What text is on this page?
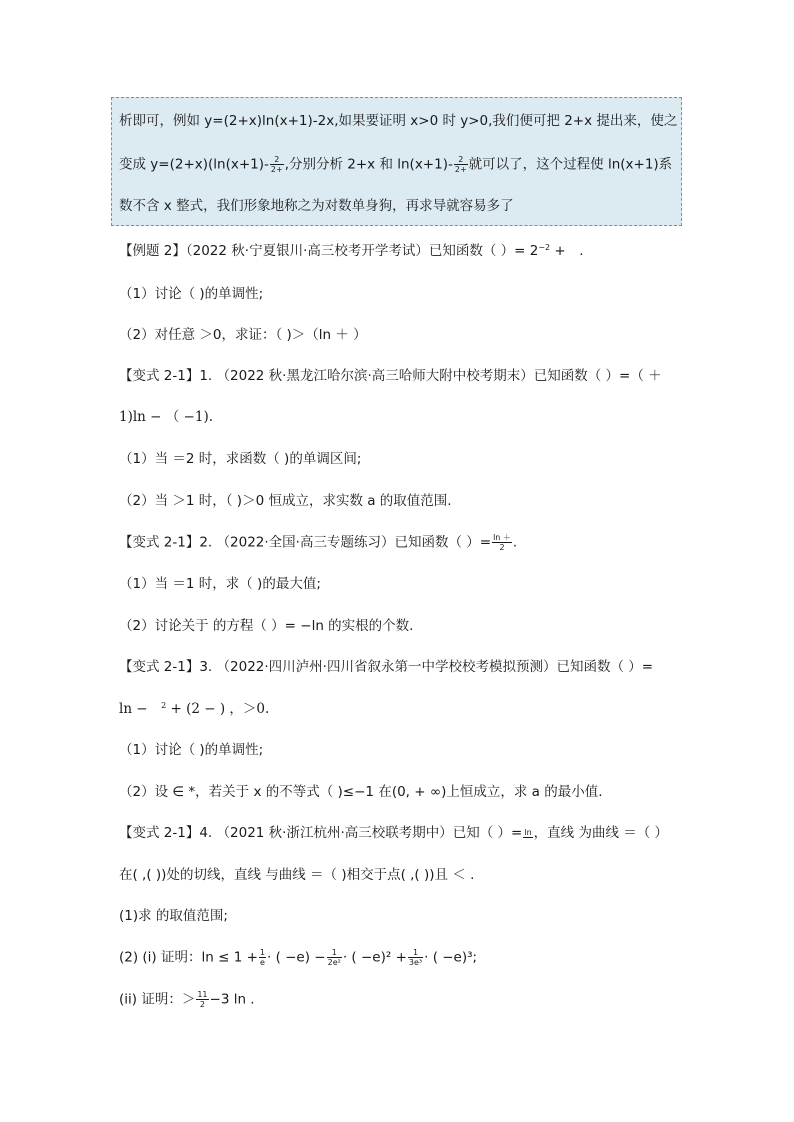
析即可，例如 y=(2+x)ln(x+1)-2x,如果要证明 x>0 时 y>0,我们便可把 2+x 提出来，使之
变成 $y=(2+x)(\ln(x+1)- \frac{2}{2+}$ ,分别分析 2+x 和 $\ln(x+1)- \frac{2}{2+}$ 就可以了，这个过程使 ln(x+1)系
数不含 x 整式，我们形象地称之为对数单身狗，再求导就容易多了
【例题 2】（2022 秋·宁夏银川·高三校考开学考试）已知函数（ ）= $2^{-2}$ +　.
（1）讨论（ )的单调性;
（2）对任意 ＞0，求证：（ )＞（ln ＋ ）
【变式 2-1】1. （2022 秋·黑龙江哈尔滨·高三哈师大附中校考期末）已知函数（ ）=（ ＋
1)ln − （ −1).
（1）当 ＝2 时，求函数（ )的单调区间;
（2）当 ＞1 时，（ )＞0 恒成立，求实数 a 的取值范围.
【变式 2-1】2. （2022·全国·高三专题练习）已知函数（ ）= $\frac{\ln +}{2}$ .
（1）当 ＝1 时，求（ )的最大值;
（2）讨论关于 的方程（ ）= −ln 的实根的个数.
【变式 2-1】3. （2022·四川泸州·四川省叙永第一中学校校考模拟预测）已知函数（ ）=
ln −　 $^2$ + (2 − ) ，＞0.
（1）讨论（ )的单调性;
（2）设 ∈ *，若关于 x 的不等式（ )≤−1 在(0, + ∞)上恒成立，求 a 的最小值.
【变式 2-1】4. （2021 秋·浙江杭州·高三校联考期中）已知（ ）= ln ，直线 为曲线 ＝（ ）
在( ,( ))处的切线，直线 与曲线 ＝（ )相交于点( ,( ))且 ＜ .
(1)求 的取值范围;
(2) (i) 证明：$\ln \le 1 + \frac{1}{e}$ · ( $-e) - \frac{1}{\text{2e²}}$ · ( $-e)^2 + \frac{1}{\text{3e³}}$ · ( −e)³;
(ii) 证明：＞ $\frac{11}{2} -3$ ln .
